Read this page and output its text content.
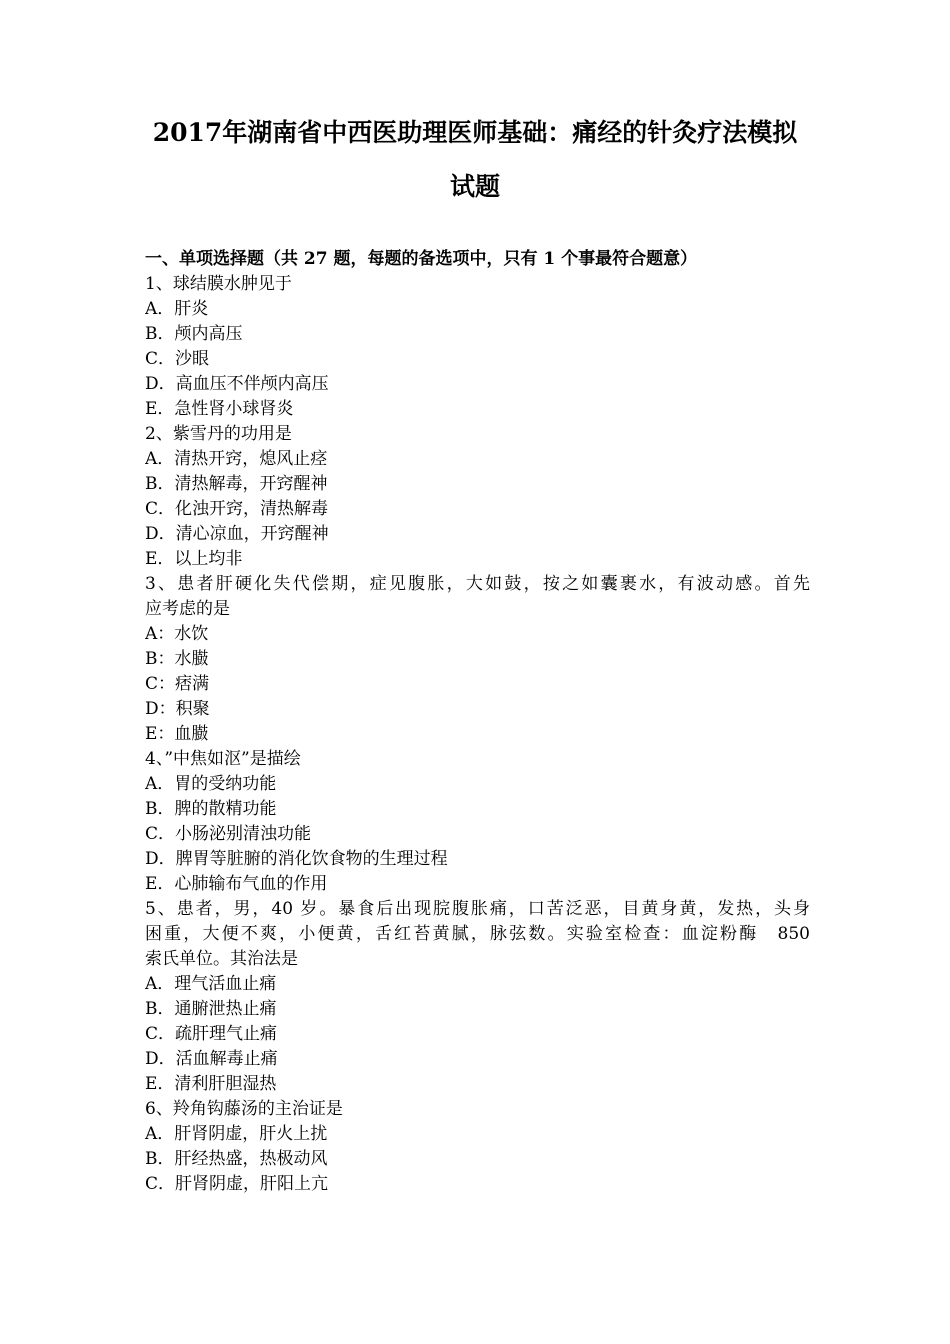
2017年湖南省中西医助理医师基础：痛经的针灸疗法模拟
试题
一、单项选择题（共 27 题，每题的备选项中，只有 1 个事最符合题意）
1、球结膜水肿见于
A．肝炎
B．颅内高压
C．沙眼
D．高血压不伴颅内高压
E．急性肾小球肾炎
2、紫雪丹的功用是
A．清热开窍，熄风止痉
B．清热解毒，开窍醒神
C．化浊开窍，清热解毒
D．清心凉血，开窍醒神
E．以上均非
3、患者肝硬化失代偿期，症见腹胀，大如鼓，按之如囊裹水，有波动感。首先
应考虑的是
A：水饮
B：水臌
C：痞满
D：积聚
E：血臌
4、”中焦如沤”是描绘
A．胃的受纳功能
B．脾的散精功能
C．小肠泌别清浊功能
D．脾胃等脏腑的消化饮食物的生理过程
E．心肺输布气血的作用
5、患者，男，40 岁。暴食后出现脘腹胀痛，口苦泛恶，目黄身黄，发热，头身
困重，大便不爽，小便黄，舌红苔黄腻，脉弦数。实验室检查：血淀粉酶　850
索氏单位。其治法是
A．理气活血止痛
B．通腑泄热止痛
C．疏肝理气止痛
D．活血解毒止痛
E．清利肝胆湿热
6、羚角钩藤汤的主治证是
A．肝肾阴虚，肝火上扰
B．肝经热盛，热极动风
C．肝肾阴虚，肝阳上亢
